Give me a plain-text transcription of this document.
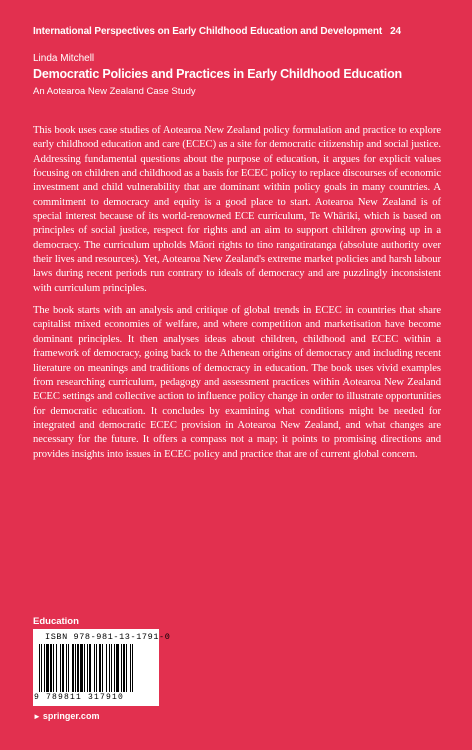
International Perspectives on Early Childhood Education and Development 24
Linda Mitchell
Democratic Policies and Practices in Early Childhood Education
An Aotearoa New Zealand Case Study

This book uses case studies of Aotearoa New Zealand policy formulation and practice to explore early childhood education and care (ECEC) as a site for democratic citizenship and social justice. Addressing fundamental questions about the purpose of education, it argues for explicit values focusing on children and childhood as a basis for ECEC policy to replace discourses of economic investment and child vulnerability that are dominant within policy goals in many countries. A commitment to democracy and equity is a good place to start. Aotearoa New Zealand is of special interest because of its world-renowned ECE curriculum, Te Whāriki, which is based on principles of social justice, respect for rights and an aim to support children growing up in a democracy. The curriculum upholds Māori rights to tino rangatiratanga (absolute authority over their lives and resources). Yet, Aotearoa New Zealand's extreme market policies and harsh labour laws during recent periods run contrary to ideals of democracy and are puzzlingly inconsistent with curriculum principles.

The book starts with an analysis and critique of global trends in ECEC in countries that share capitalist mixed economies of welfare, and where competition and marketisation have become dominant principles. It then analyses ideas about children, childhood and ECEC within a framework of democracy, going back to the Athenean origins of democracy and including recent literature on meanings and traditions of democracy in education. The book uses vivid examples from researching curriculum, pedagogy and assessment practices within Aotearoa New Zealand ECEC settings and collective action to influence policy change in order to illustrate opportunities for democratic education. It concludes by examining what conditions might be needed for integrated and democratic ECEC provision in Aotearoa New Zealand, and what changes are necessary for the future. It offers a compass not a map; it points to promising directions and provides insights into issues in ECEC policy and practice that are of current global concern.

Education
ISBN 978-981-13-1791-0
9 789811 317910
► springer.com
